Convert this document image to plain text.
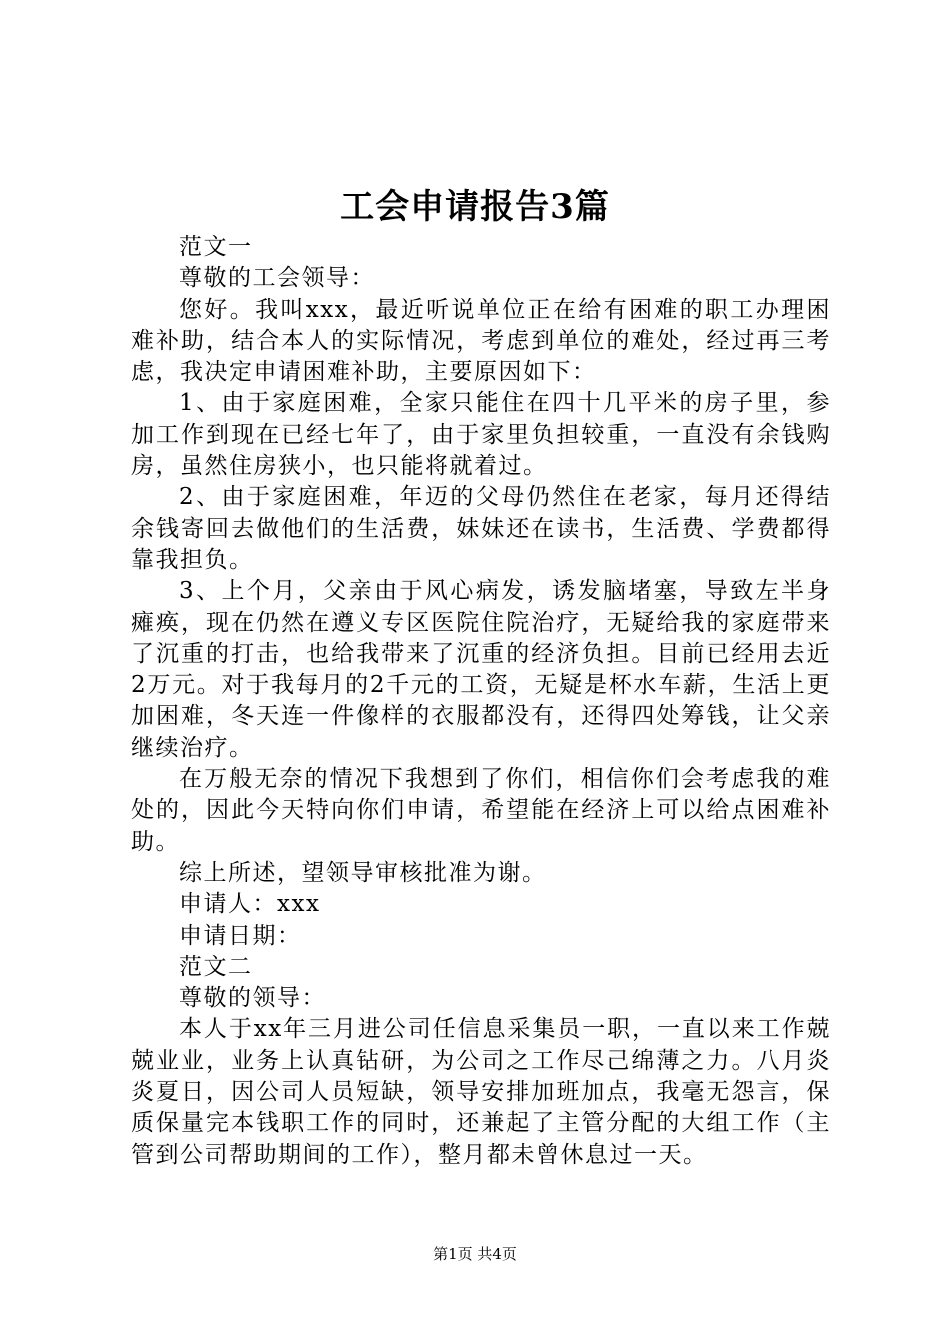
工会申请报告3篇

范文一

尊敬的工会领导：

您好。我叫xxx，最近听说单位正在给有困难的职工办理困难补助，结合本人的实际情况，考虑到单位的难处，经过再三考虑，我决定申请困难补助，主要原因如下：

1、由于家庭困难，全家只能住在四十几平米的房子里，参加工作到现在已经七年了，由于家里负担较重，一直没有余钱购房，虽然住房狭小，也只能将就着过。

2、由于家庭困难，年迈的父母仍然住在老家，每月还得结余钱寄回去做他们的生活费，妹妹还在读书，生活费、学费都得靠我担负。

3、上个月，父亲由于风心病发，诱发脑堵塞，导致左半身瘫痪，现在仍然在遵义专区医院住院治疗，无疑给我的家庭带来了沉重的打击，也给我带来了沉重的经济负担。目前已经用去近2万元。对于我每月的2千元的工资，无疑是杯水车薪，生活上更加困难，冬天连一件像样的衣服都没有，还得四处筹钱，让父亲继续治疗。

在万般无奈的情况下我想到了你们，相信你们会考虑我的难处的，因此今天特向你们申请，希望能在经济上可以给点困难补助。

综上所述，望领导审核批准为谢。

申请人：xxx

申请日期：

范文二

尊敬的领导：

本人于xx年三月进公司任信息采集员一职，一直以来工作兢兢业业，业务上认真钻研，为公司之工作尽己绵薄之力。八月炎炎夏日，因公司人员短缺，领导安排加班加点，我毫无怨言，保质保量完本钱职工作的同时，还兼起了主管分配的大组工作（主管到公司帮助期间的工作），整月都未曾休息过一天。

第1页 共4页
